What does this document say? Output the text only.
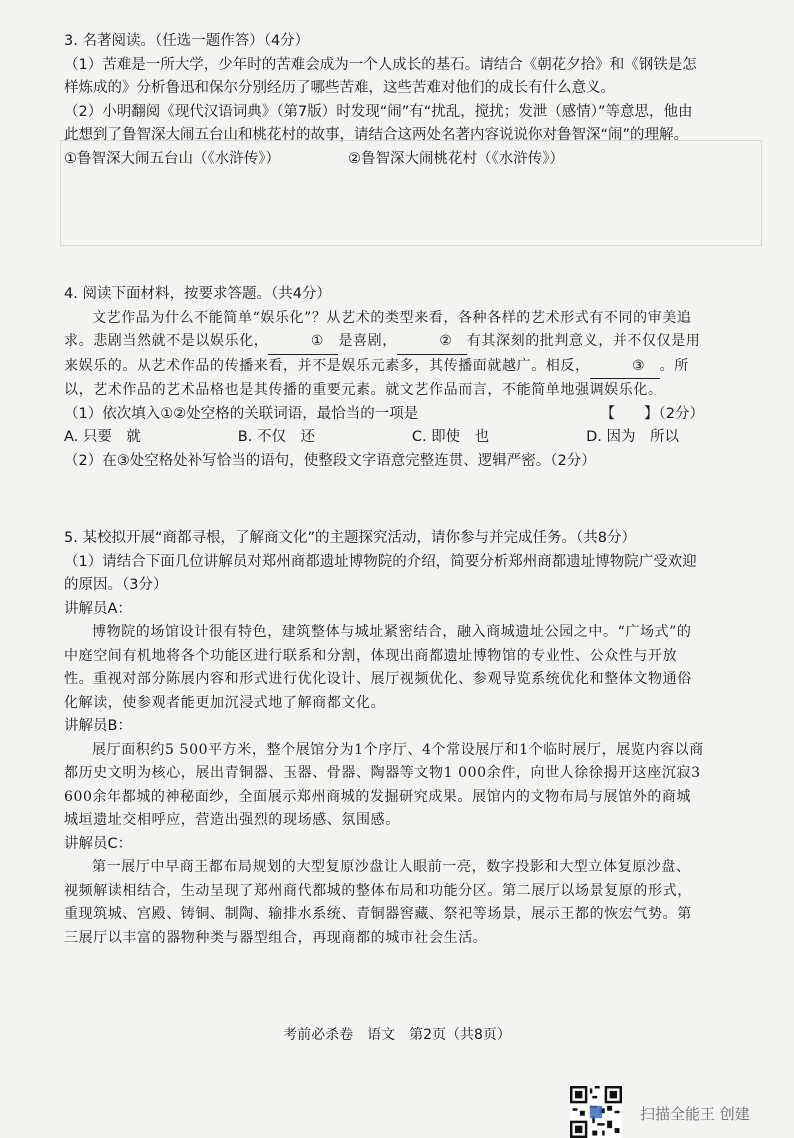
3. 名著阅读。（任选一题作答）（4分）

（1）苦难是一所大学，少年时的苦难会成为一个人成长的基石。请结合《朝花夕拾》和《钢铁是怎样炼成的》分析鲁迅和保尔分别经历了哪些苦难，这些苦难对他们的成长有什么意义。

（2）小明翻阅《现代汉语词典》（第7版）时发现“闹”有“扰乱，搅扰；发泄（感情）”等意思，他由此想到了鲁智深大闹五台山和桃花村的故事，请结合这两处名著内容说说你对鲁智深“闹”的理解。

①鲁智深大闹五台山（《水浒传》）	②鲁智深大闹桃花村（《水浒传》）

4. 阅读下面材料，按要求答题。（共4分）

文艺作品为什么不能简单“娱乐化”？从艺术的类型来看，各种各样的艺术形式有不同的审美追求。悲剧当然就不是以娱乐化，	① 是喜剧，	② 有其深刻的批判意义，并不仅仅是用来娱乐的。从艺术作品的传播来看，并不是娱乐元素多，其传播面就越广。相反，	③ 。所以，艺术作品的艺术品格也是其传播的重要元素。就文艺作品而言，不能简单地强调娱乐化。

（1）依次填入①②处空格的关联词语，最恰当的一项是	【　　】（2分）
A. 只要　就	B. 不仅　还	C. 即使　也	D. 因为　所以

（2）在③处空格处补写恰当的语句，使整段文字语意完整连贯、逻辑严密。（2分）

5. 某校拟开展“商都寻根，了解商文化”的主题探究活动，请你参与并完成任务。（共8分）

（1）请结合下面几位讲解员对郑州商都遗址博物院的介绍，简要分析郑州商都遗址博物院广受欢迎的原因。（3分）

讲解员A：

博物院的场馆设计很有特色，建筑整体与城址紧密结合，融入商城遗址公园之中。“广场式”的中庭空间有机地将各个功能区进行联系和分割，体现出商都遗址博物馆的专业性、公众性与开放性。重视对部分陈展内容和形式进行优化设计、展厅视频优化、参观导览系统优化和整体文物通俗化解读，使参观者能更加沉浸式地了解商都文化。

讲解员B：

展厅面积约5 500平方米，整个展馆分为1个序厅、4个常设展厅和1个临时展厅，展览内容以商都历史文明为核心，展出青铜器、玉器、骨器、陶器等文物1 000余件，向世人徐徐揭开这座沉寂3 600余年都城的神秘面纱，全面展示郑州商城的发掘研究成果。展馆内的文物布局与展馆外的商城城垣遗址交相呼应，营造出强烈的现场感、氛围感。

讲解员C：

第一展厅中早商王都布局规划的大型复原沙盘让人眼前一亮，数字投影和大型立体复原沙盘、视频解读相结合，生动呈现了郑州商代都城的整体布局和功能分区。第二展厅以场景复原的形式，重现筑城、宫殿、铸铜、制陶、输排水系统、青铜器窖藏、祭祀等场景，展示王都的恢宏气势。第三展厅以丰富的器物种类与器型组合，再现商都的城市社会生活。

考前必杀卷　语文　第2页（共8页）
扫描全能王 创建
